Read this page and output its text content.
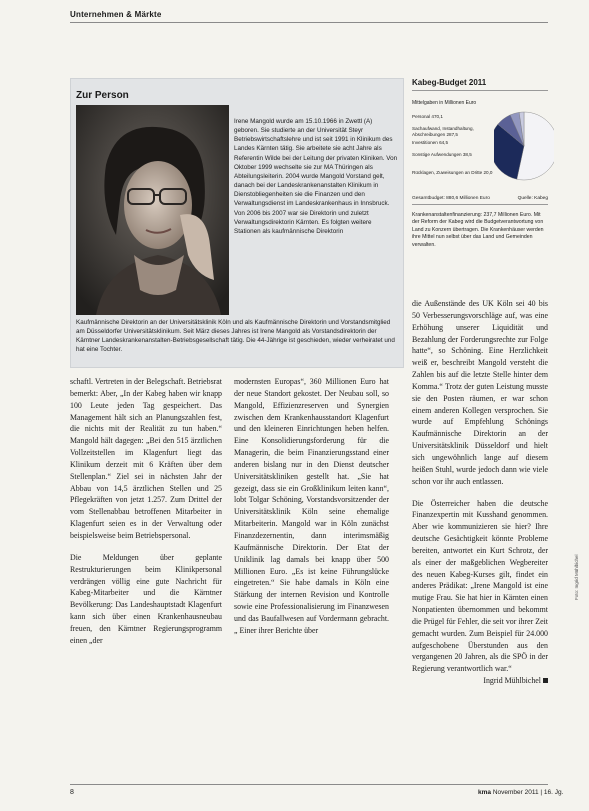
Unternehmen & Märkte
Zur Person
Irene Mangold wurde am 15.10.1966 in Zwettl (A) geboren. Sie studierte an der Universität Steyr Betriebswirtschaftslehre und ist seit 1991 in Klinikum des Landes Kärnten tätig. Sie arbeitete sie acht Jahre als Referentin Wilde bei der Leitung der privaten Kliniken. Von Oktober 1999 wechselte sie zur MA Thüringen als Abteilungsleiterin. 2004 wurde Mangold Vorstand gelt, danach bei der Landeskrankenanstalten Klinikum in Dienstobliegenheiten sie die Finanzen und den Verwaltungsdienst im Landeskrankenhaus in Innsbruck. Von 2006 bis 2007 war sie Direktorin und zuletzt Verwaltungsdirektorin Kärnten. Es folgten weitere Stationen als kaufmännische Direktorin
Kaufmännische Direktorin an der Universitätsklinik Köln und als Kaufmännische Direktorin und Vorstandsmitglied am Düsseldorfer Universitätsklinikum. Seit März dieses Jahres ist Irene Mangold als Vorstandsdirektorin der Kärntner Landeskrankenanstalten-Betriebsgesellschaft tätig. Die 44-Jährige ist geschieden, wieder verheiratet und hat eine Tochter.
Kabeg-Budget 2011
Mittelgaben in Millionen Euro
Personal 470,1
Sachaufwand, Instandhaltung, Abschreibungen 287,5
Investitionen 64,5
Sonstige Aufwendungen 38,5
Rücklagen, Zuweisungen an Dritte 20,0
Gesamtbudget: 880,6 Millionen Euro	Quelle: Kabeg
Krankenanstaltenfinanzierung: 237,7 Millionen Euro. Mit der Reform der Kabeg wird die Budgetverantwortung von Land zu Konzern übertragen. Die Krankenhäuser werden ihre Mittel nun selbst über das Land und Gemeinden verwalten.

schaftl. Vertreten in der Belegschaft. Betriebsrat bemerkt: Aber, „In der Kabeg haben wir knapp 100 Leute jeden Tag gespeichert. Das Management hält sich an Planungszahlen fest, die nichts mit der Realität zu tun haben.“ Mangold hält dagegen: „Bei den 515 ärztlichen Vollzeitstellen im Klagenfurt liegt das Klinikum derzeit mit 6 Kräften über dem Stellenplan.“ Ziel sei in nächsten Jahr der Abbau von 14,5 ärztlichen Stellen und 25 Pflegekräften von jetzt 1.257. Zum Drittel der vom Stellenabbau betroffenen Mitarbeiter in Klagenfurt seien es in der Verwaltung oder beispielsweise beim Betriebspersonal.

Die Meldungen über geplante Restrukturierungen beim Klinikpersonal verdrängen völlig eine gute Nachricht für Kabeg-Mitarbeiter und die Kärntner Bevölkerung: Das Landeshauptstadt Klagenfurt kann sich über einen Krankenhausneubau freuen, den Kärntner Regierungsprogramm einen „der

modernsten Europas“, 360 Millionen Euro hat der neue Standort gekostet. Der Neubau soll, so Mangold, Effizienzreserven und Synergien zwischen dem Krankenhausstandort Klagenfurt und den kleineren Einrichtungen heben helfen. Eine Konsolidierungsforderung für die Managerin, die beim Finanzierungsstand einer anderen bislang nur in den Dienst deutscher Universitätskliniken gestellt hat. „Sie hat gezeigt, dass sie ein Großklinikum leiten kann“, lobt Tolgar Schöning, Vorstandsvorsitzender der Universitätsklinik Köln seine ehemalige Mitarbeiterin. Mangold war in Köln zunächst Finanzdezernentin, dann interimsmäßig Kaufmännische Direktorin. Der Etat der Uniklinik lag damals bei knapp über 500 Millionen Euro. „Es ist keine Führungslücke eingetreten.“ Sie habe damals in Köln eine Stärkung der internen Revision und Kontrolle sowie eine Professionalisierung im Finanzwesen und das Baufallwesen auf Vordermann gebracht. „ Einer ihrer Berichte über

die Außenstände des UK Köln sei 40 bis 50 Verbesserungsvorschläge auf, was eine Erhöhung unserer Liquidität und Bezahlung der Forderungsrechte zur Folge hatte“, so Schöning. Eine Herzlichkeit weiß er, beschreibt Mangold versteht die Zahlen bis auf die letzte Stelle hinter dem Komma.“ Trotz der guten Leistung musste sie den Posten räumen, er war schon einem anderen Kollegen versprochen. Sie wurde auf Empfehlung Schönings Kaufmännische Direktorin an der Universitätsklinik Düsseldorf und hielt sich ungewöhnlich lange auf diesem heißen Stuhl, wurde jedoch dann wie viele schon vor ihr auch entlassen.

Die Österreicher haben die deutsche Finanzexpertin mit Kusshand genommen. Aber wie kommunizieren sie hier? Ihre deutsche Gesächtigkeit könnte Probleme bereiten, antwortet ein Kurt Schrotz, der als einer der maßgeblichen Wegbereiter des neuen Kabeg-Kurses gilt, findet ein anderes Prädikat: „Irene Mangold ist eine mutige Frau. Sie hat hier in Kärnten einen Nonpatienten übernommen und bekommt die Prügel für Fehler, die seit vor ihrer Zeit gemacht wurden. Zum Beispiel für 24.000 aufgeschobene Überstunden aus den vergangenen 20 Jahren, als die SPÖ in der Regierung verantwortlich war.“

Ingrid Mühlbichel

8	kma November 2011 | 16. Jg.
Foto: Ingrid Mühlbichel
